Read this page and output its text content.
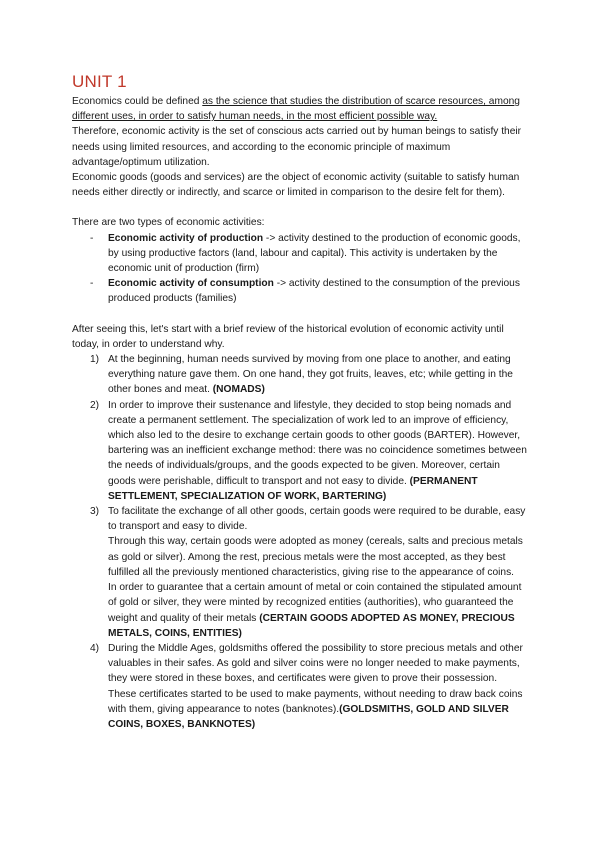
UNIT 1

Economics could be defined as the science that studies the distribution of scarce resources, among different uses, in order to satisfy human needs, in the most efficient possible way.

Therefore, economic activity is the set of conscious acts carried out by human beings to satisfy their needs using limited resources, and according to the economic principle of maximum advantage/optimum utilization.

Economic goods (goods and services) are the object of economic activity (suitable to satisfy human needs either directly or indirectly, and scarce or limited in comparison to the desire felt for them).

There are two types of economic activities:

- Economic activity of production -> activity destined to the production of economic goods, by using productive factors (land, labour and capital). This activity is undertaken by the economic unit of production (firm)
- Economic activity of consumption -> activity destined to the consumption of the previous produced products (families)

After seeing this, let's start with a brief review of the historical evolution of economic activity until today, in order to understand why.

1) At the beginning, human needs survived by moving from one place to another, and eating everything nature gave them. On one hand, they got fruits, leaves, etc; while getting in the other bones and meat. (NOMADS)
2) In order to improve their sustenance and lifestyle, they decided to stop being nomads and create a permanent settlement. The specialization of work led to an improve of efficiency, which also led to the desire to exchange certain goods to other goods (BARTER). However, bartering was an inefficient exchange method: there was no coincidence sometimes between the needs of individuals/groups, and the goods expected to be given. Moreover, certain goods were perishable, difficult to transport and not easy to divide. (PERMANENT SETTLEMENT, SPECIALIZATION OF WORK, BARTERING)
3) To facilitate the exchange of all other goods, certain goods were required to be durable, easy to transport and easy to divide.
Through this way, certain goods were adopted as money (cereals, salts and precious metals as gold or silver). Among the rest, precious metals were the most accepted, as they best fulfilled all the previously mentioned characteristics, giving rise to the appearance of coins.
In order to guarantee that a certain amount of metal or coin contained the stipulated amount of gold or silver, they were minted by recognized entities (authorities), who guaranteed the weight and quality of their metals (CERTAIN GOODS ADOPTED AS MONEY, PRECIOUS METALS, COINS, ENTITIES)
4) During the Middle Ages, goldsmiths offered the possibility to store precious metals and other valuables in their safes. As gold and silver coins were no longer needed to make payments, they were stored in these boxes, and certificates were given to prove their possession.
These certificates started to be used to make payments, without needing to draw back coins with them, giving appearance to notes (banknotes).(GOLDSMITHS, GOLD AND SILVER COINS, BOXES, BANKNOTES)
